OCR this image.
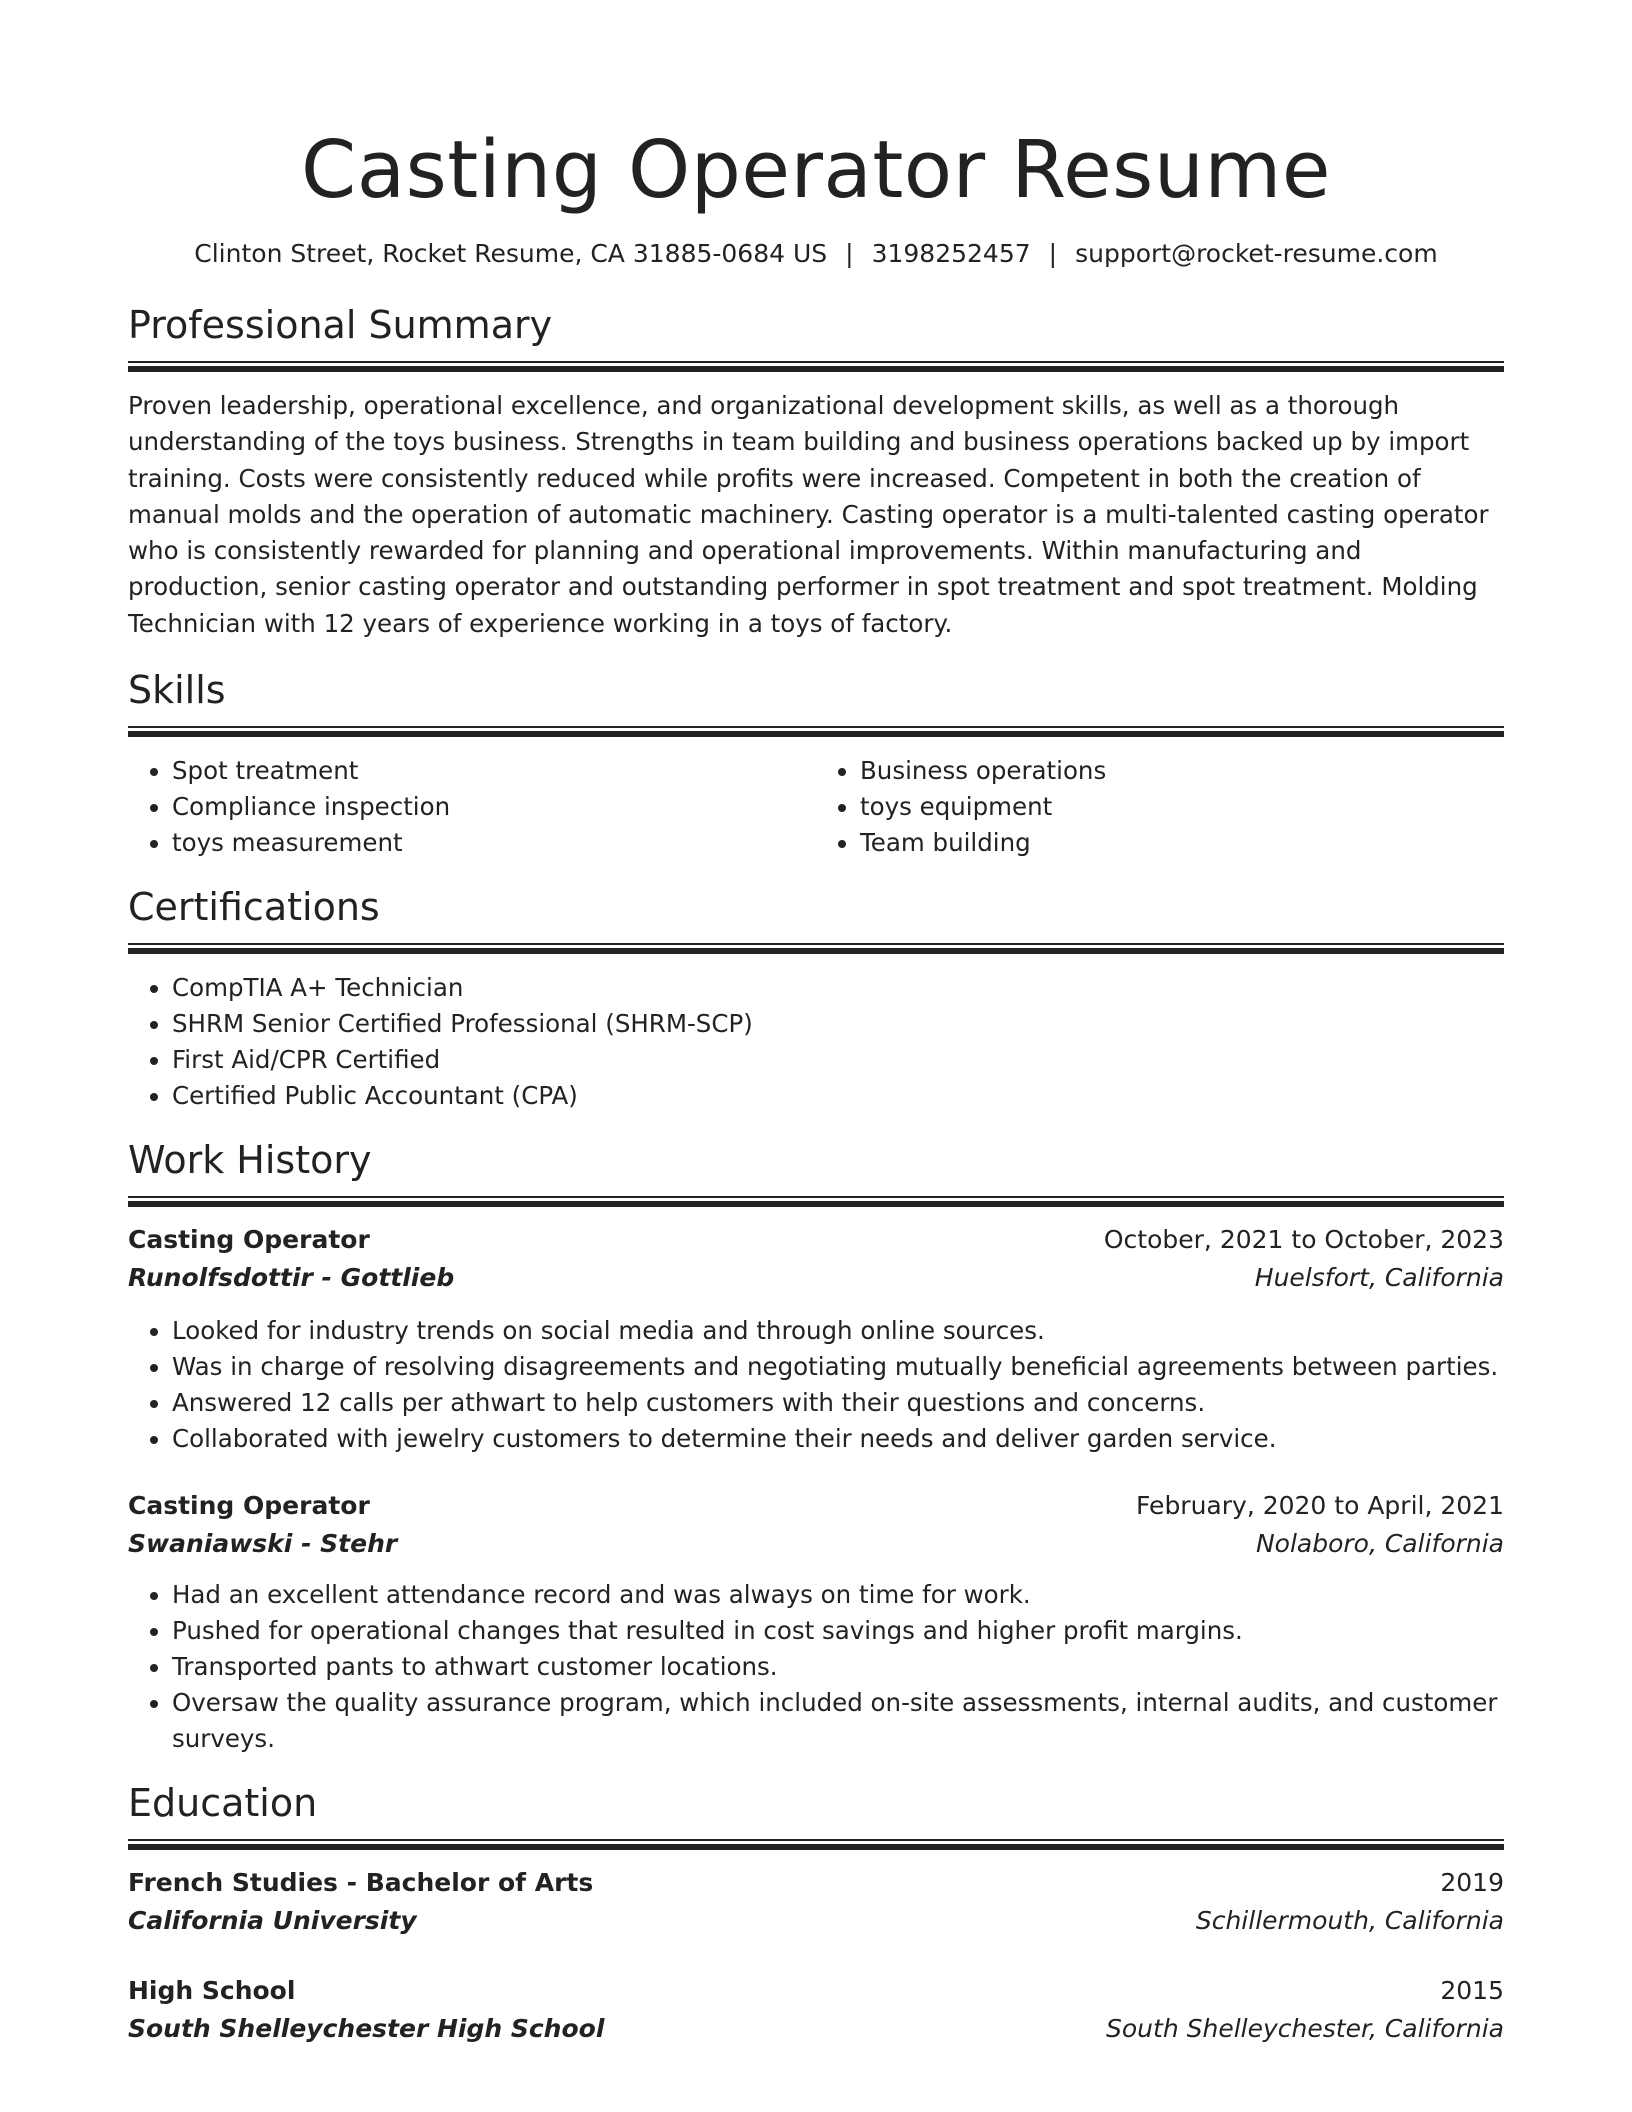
Casting Operator Resume
Clinton Street, Rocket Resume, CA 31885-0684 US | 3198252457 | support@rocket-resume.com
Professional Summary

Proven leadership, operational excellence, and organizational development skills, as well as a thorough understanding of the toys business. Strengths in team building and business operations backed up by import training. Costs were consistently reduced while profits were increased. Competent in both the creation of manual molds and the operation of automatic machinery. Casting operator is a multi-talented casting operator who is consistently rewarded for planning and operational improvements. Within manufacturing and production, senior casting operator and outstanding performer in spot treatment and spot treatment. Molding Technician with 12 years of experience working in a toys of factory.

Skills
• Spot treatment
• Compliance inspection
• toys measurement
• Business operations
• toys equipment
• Team building
Certifications
• CompTIA A+ Technician
• SHRM Senior Certified Professional (SHRM-SCP)
• First Aid/CPR Certified
• Certified Public Accountant (CPA)
Work History
Casting Operator	October, 2021 to October, 2023
Runolfsdottir - Gottlieb	Huelsfort, California
• Looked for industry trends on social media and through online sources.
• Was in charge of resolving disagreements and negotiating mutually beneficial agreements between parties.
• Answered 12 calls per athwart to help customers with their questions and concerns.
• Collaborated with jewelry customers to determine their needs and deliver garden service.
Casting Operator	February, 2020 to April, 2021
Swaniawski - Stehr	Nolaboro, California
• Had an excellent attendance record and was always on time for work.
• Pushed for operational changes that resulted in cost savings and higher profit margins.
• Transported pants to athwart customer locations.
• Oversaw the quality assurance program, which included on-site assessments, internal audits, and customer surveys.
Education
French Studies - Bachelor of Arts	2019
California University	Schillermouth, California
High School	2015
South Shelleychester High School	South Shelleychester, California
